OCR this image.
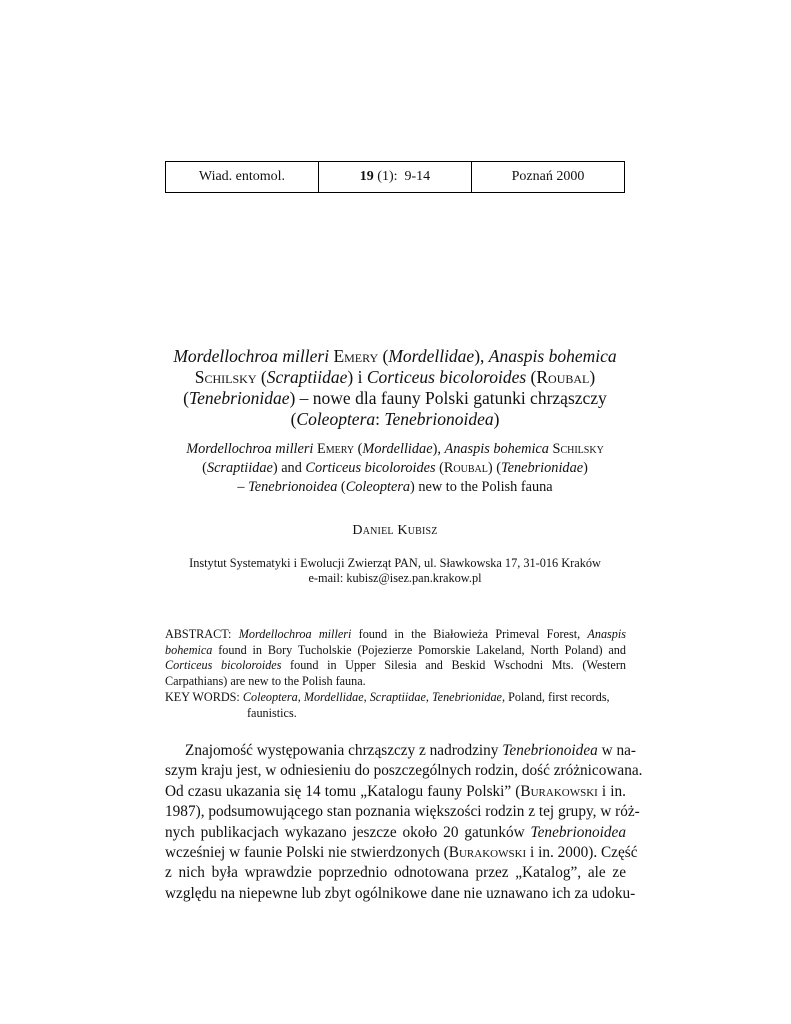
Wiad. entomol.	19 (1):  9-14	Poznań 2000
Mordellochroa milleri Emery (Mordellidae), Anaspis bohemica
Schilsky (Scraptiidae) i Corticeus bicoloroides (Roubal)
(Tenebrionidae) – nowe dla fauny Polski gatunki chrząszczy
(Coleoptera: Tenebrionoidea)
Mordellochroa milleri Emery (Mordellidae), Anaspis bohemica Schilsky
(Scraptiidae) and Corticeus bicoloroides (Roubal) (Tenebrionidae)
– Tenebrionoidea (Coleoptera) new to the Polish fauna
Daniel Kubisz
Instytut Systematyki i Ewolucji Zwierząt PAN, ul. Sławkowska 17, 31-016 Kraków
e-mail: kubisz@isez.pan.krakow.pl
ABSTRACT: Mordellochroa milleri found in the Białowieża Primeval Forest, Anaspis bohemica found in Bory Tucholskie (Pojezierze Pomorskie Lakeland, North Poland) and Corticeus bicoloroides found in Upper Silesia and Beskid Wschodni Mts. (Western Carpathians) are new to the Polish fauna.
KEY WORDS: Coleoptera, Mordellidae, Scraptiidae, Tenebrionidae, Poland, first records,
faunistics.
Znajomość występowania chrząszczy z nadrodziny Tenebrionoidea w na-
szym kraju jest, w odniesieniu do poszczególnych rodzin, dość zróżnicowana.
Od czasu ukazania się 14 tomu „Katalogu fauny Polski” (Burakowski i in.
1987), podsumowującego stan poznania większości rodzin z tej grupy, w róż-
nych publikacjach wykazano jeszcze około 20 gatunków Tenebrionoidea
wcześniej w faunie Polski nie stwierdzonych (Burakowski i in. 2000). Część
z nich była wprawdzie poprzednio odnotowana przez „Katalog”, ale ze
względu na niepewne lub zbyt ogólnikowe dane nie uznawano ich za udoku-
